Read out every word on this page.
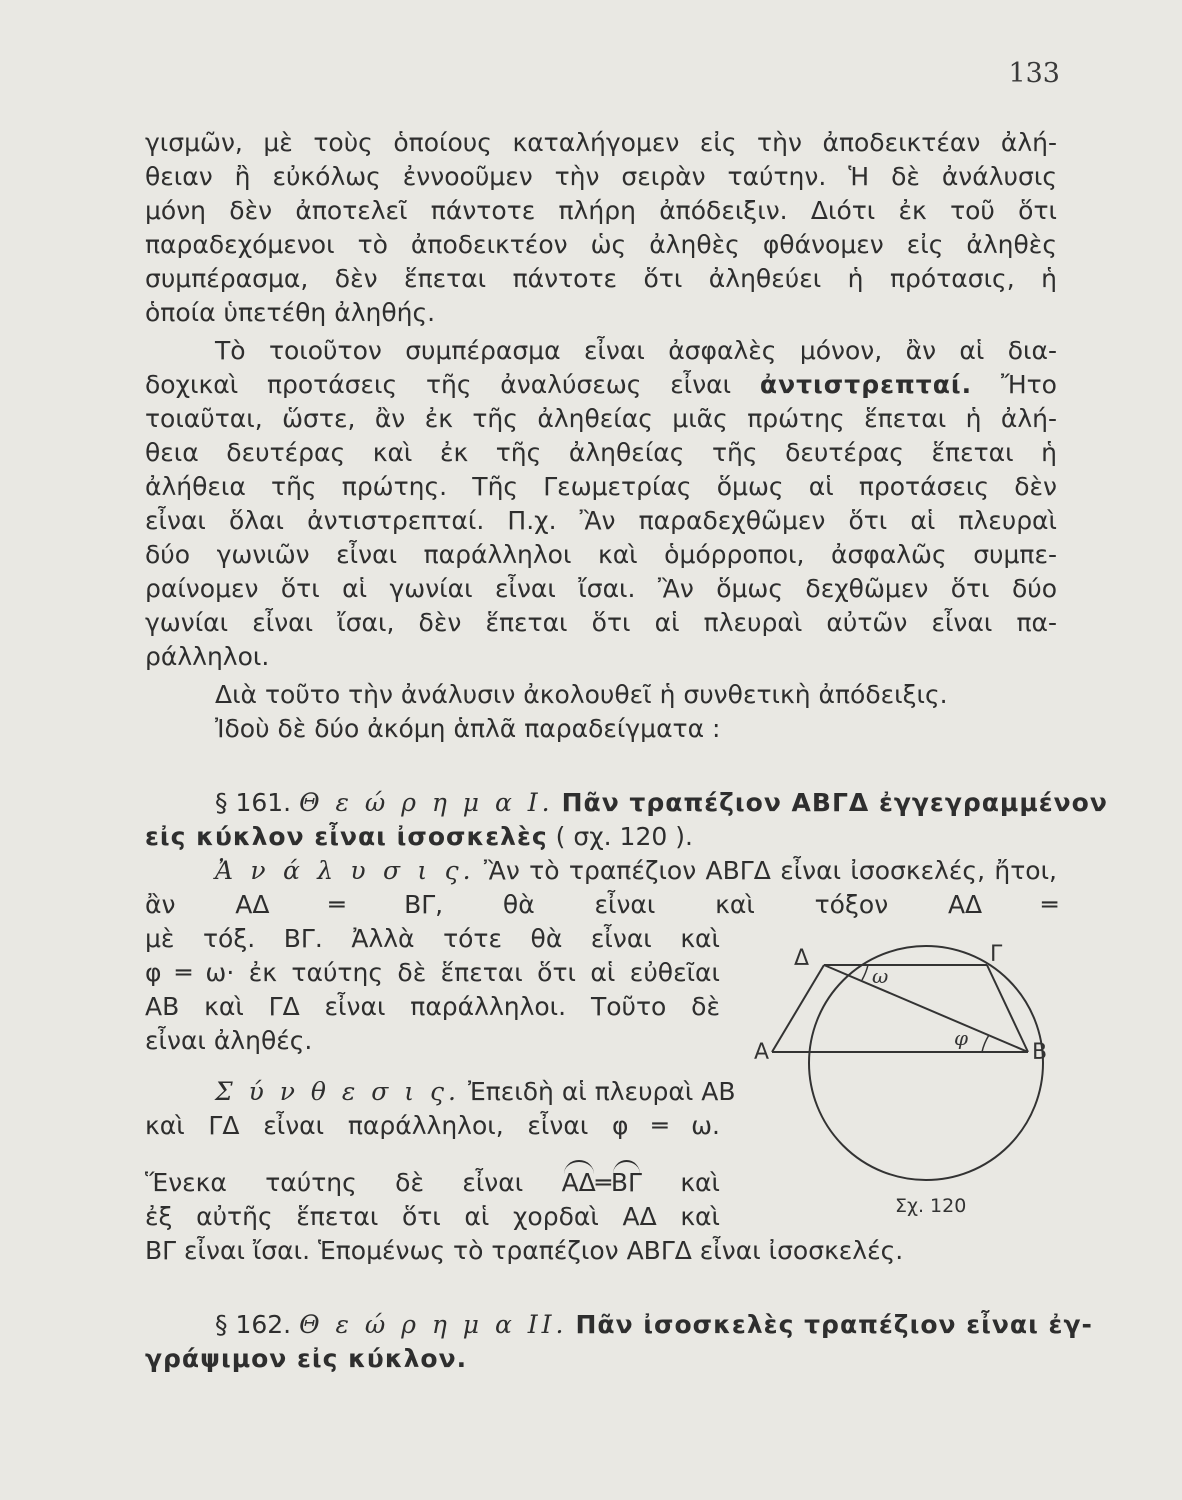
133
γισμῶν, μὲ τοὺς ὁποίους καταλήγομεν εἰς τὴν ἀποδεικτέαν ἀλή-
θειαν ἢ εὐκόλως ἐννοοῦμεν τὴν σειρὰν ταύτην. Ἡ δὲ ἀνάλυσις
μόνη δὲν ἀποτελεῖ πάντοτε πλήρη ἀπόδειξιν. Διότι ἐκ τοῦ ὅτι
παραδεχόμενοι τὸ ἀποδεικτέον ὡς ἀληθὲς φθάνομεν εἰς ἀληθὲς
συμπέρασμα, δὲν ἕπεται πάντοτε ὅτι ἀληθεύει ἡ πρότασις, ἡ
ὁποία ὑπετέθη ἀληθής.
Τὸ τοιοῦτον συμπέρασμα εἶναι ἀσφαλὲς μόνον, ἂν αἱ δια-
δοχικαὶ προτάσεις τῆς ἀναλύσεως εἶναι ἀντιστρεπταί. Ἤτο
τοιαῦται, ὥστε, ἂν ἐκ τῆς ἀληθείας μιᾶς πρώτης ἕπεται ἡ ἀλή-
θεια δευτέρας καὶ ἐκ τῆς ἀληθείας τῆς δευτέρας ἕπεται ἡ
ἀλήθεια τῆς πρώτης. Τῆς Γεωμετρίας ὅμως αἱ προτάσεις δὲν
εἶναι ὅλαι ἀντιστρεπταί. Π.χ. Ἂν παραδεχθῶμεν ὅτι αἱ πλευραὶ
δύο γωνιῶν εἶναι παράλληλοι καὶ ὁμόρροποι, ἀσφαλῶς συμπε-
ραίνομεν ὅτι αἱ γωνίαι εἶναι ἴσαι. Ἂν ὅμως δεχθῶμεν ὅτι δύο
γωνίαι εἶναι ἴσαι, δὲν ἕπεται ὅτι αἱ πλευραὶ αὐτῶν εἶναι πα-
ράλληλοι.
Διὰ τοῦτο τὴν ἀνάλυσιν ἀκολουθεῖ ἡ συνθετικὴ ἀπόδειξις.
Ἰδοὺ δὲ δύο ἀκόμη ἁπλᾶ παραδείγματα :
§ 161. Θ ε ώ ρ η μ α I. Πᾶν τραπέζιον ΑΒΓΔ ἐγγεγραμμένον
εἰς κύκλον εἶναι ἰσοσκελὲς ( σχ. 120 ).
Ἀ ν ά λ υ σ ι ς. Ἂν τὸ τραπέζιον ΑΒΓΔ εἶναι ἰσοσκελές, ἤτοι,
ἂν ΑΔ ═ ΒΓ, θὰ εἶναι καὶ τόξον ΑΔ ═
μὲ τόξ. ΒΓ. Ἀλλὰ τότε θὰ εἶναι καὶ
φ ═ ω· ἐκ ταύτης δὲ ἕπεται ὅτι αἱ εὐθεῖαι
ΑΒ καὶ ΓΔ εἶναι παράλληλοι. Τοῦτο δὲ
εἶναι ἀληθές.
Σ ύ ν θ ε σ ι ς. Ἐπειδὴ αἱ πλευραὶ ΑΒ
καὶ ΓΔ εἶναι παράλληλοι, εἶναι φ ═ ω.
Ἕνεκα ταύτης δὲ εἶναι ΑΔ═ΒΓ καὶ
ἐξ αὐτῆς ἕπεται ὅτι αἱ χορδαὶ ΑΔ καὶ
ΒΓ εἶναι ἴσαι. Ἑπομένως τὸ τραπέζιον ΑΒΓΔ εἶναι ἰσοσκελές.
§ 162. Θ ε ώ ρ η μ α II. Πᾶν ἰσοσκελὲς τραπέζιον εἶναι ἐγ-
γράψιμον εἰς κύκλον.
Δ	Γ
Α	Β
ω
φ
Σχ. 120
